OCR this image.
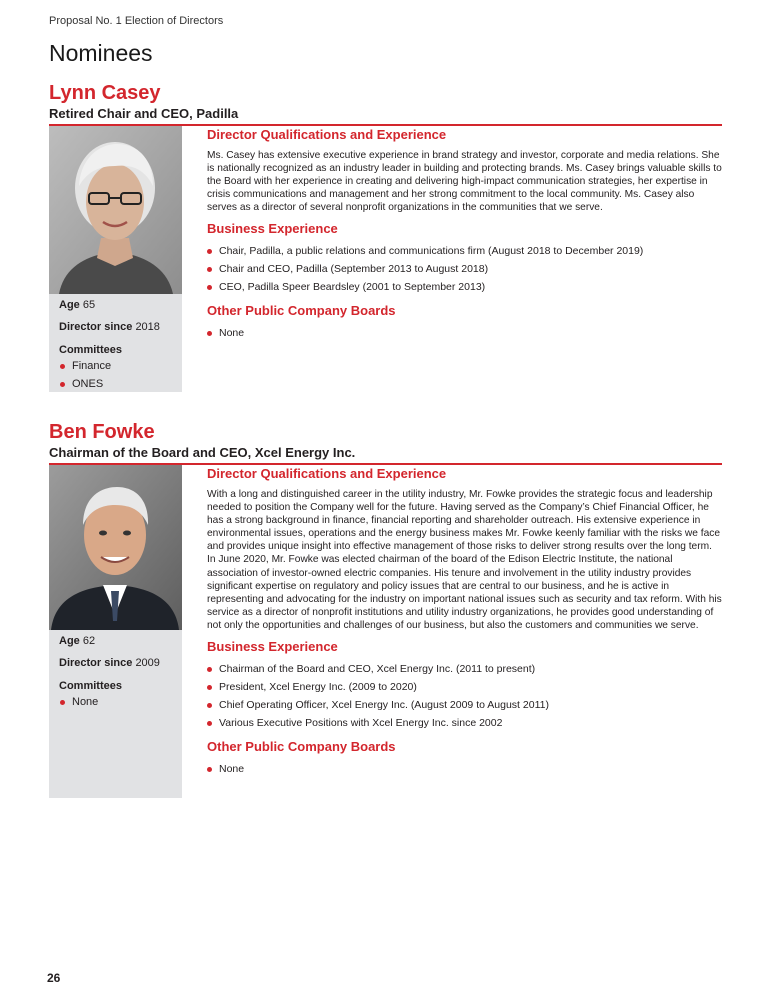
Proposal No. 1 Election of Directors
Nominees
Lynn Casey
Retired Chair and CEO, Padilla
Age 65
Director since 2018
Committees
Finance
ONES
Director Qualifications and Experience

Ms. Casey has extensive executive experience in brand strategy and investor, corporate and media relations. She is nationally recognized as an industry leader in building and protecting brands. Ms. Casey brings valuable skills to the Board with her experience in creating and delivering high-impact communication strategies, her expertise in crisis communications and management and her strong commitment to the local community. Ms. Casey also serves as a director of several nonprofit organizations in the communities that we serve.

Business Experience
Chair, Padilla, a public relations and communications firm (August 2018 to December 2019)
Chair and CEO, Padilla (September 2013 to August 2018)
CEO, Padilla Speer Beardsley (2001 to September 2013)
Other Public Company Boards
None
Ben Fowke
Chairman of the Board and CEO, Xcel Energy Inc.
Age 62
Director since 2009
Committees
None
Director Qualifications and Experience

With a long and distinguished career in the utility industry, Mr. Fowke provides the strategic focus and leadership needed to position the Company well for the future. Having served as the Company’s Chief Financial Officer, he has a strong background in finance, financial reporting and shareholder outreach. His extensive experience in environmental issues, operations and the energy business makes Mr. Fowke keenly familiar with the risks we face and provides unique insight into effective management of those risks to deliver strong results over the long term. In June 2020, Mr. Fowke was elected chairman of the board of the Edison Electric Institute, the national association of investor-owned electric companies. His tenure and involvement in the utility industry provides significant expertise on regulatory and policy issues that are central to our business, and he is active in representing and advocating for the industry on important national issues such as security and tax reform. With his service as a director of nonprofit institutions and utility industry organizations, he provides good understanding of not only the opportunities and challenges of our business, but also the customers and communities we serve.

Business Experience
Chairman of the Board and CEO, Xcel Energy Inc. (2011 to present)
President, Xcel Energy Inc. (2009 to 2020)
Chief Operating Officer, Xcel Energy Inc. (August 2009 to August 2011)
Various Executive Positions with Xcel Energy Inc. since 2002
Other Public Company Boards
None
26
